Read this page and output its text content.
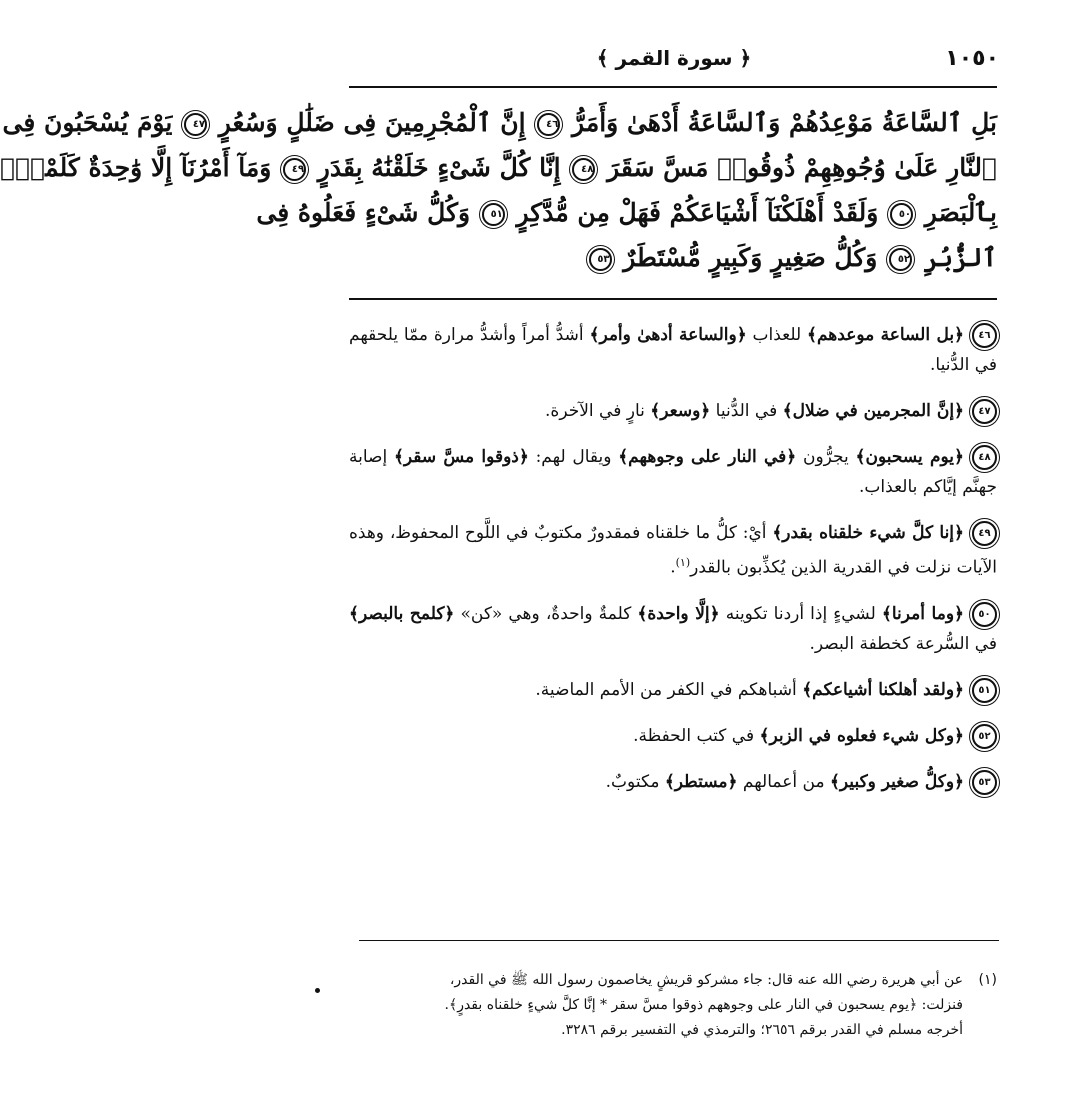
١٠٥٠
﴿ سورة القمر ﴾
بَلِ ٱلسَّاعَةُ مَوْعِدُهُمْ وَٱلسَّاعَةُ أَدْهَىٰ وَأَمَرُّ ٤٦ إِنَّ ٱلْمُجْرِمِينَ فِى ضَلَٰلٍ وَسُعُرٍ ٤٧ يَوْمَ يُسْحَبُونَ فِى
ٱلنَّارِ عَلَىٰ وُجُوهِهِمْ ذُوقُوا۟ مَسَّ سَقَرَ ٤٨ إِنَّا كُلَّ شَىْءٍ خَلَقْنَٰهُ بِقَدَرٍ ٤٩ وَمَآ أَمْرُنَآ إِلَّا وَٰحِدَةٌ كَلَمْحٍۭ
بِٱلْبَصَرِ ٥٠ وَلَقَدْ أَهْلَكْنَآ أَشْيَاعَكُمْ فَهَلْ مِن مُّدَّكِرٍ ٥١ وَكُلُّ شَىْءٍ فَعَلُوهُ فِى
ٱلزُّبُرِ ٥٢ وَكُلُّ صَغِيرٍ وَكَبِيرٍ مُّسْتَطَرٌ ٥٣
٤٦﴿بل الساعة موعدهم﴾ للعذاب ﴿والساعة أدهىٰ وأمر﴾ أشدُّ أمراً وأشدُّ مرارة ممّا يلحقهم في الدُّنيا.
٤٧﴿إنَّ المجرمين في ضلال﴾ في الدُّنيا ﴿وسعر﴾ نارٍ في الآخرة.
٤٨﴿يوم يسحبون﴾ يجرُّون ﴿في النار على وجوههم﴾ ويقال لهم: ﴿ذوقوا مسَّ سقر﴾ إصابة جهنَّم إيَّاكم بالعذاب.
٤٩﴿إنا كلَّ شيء خلقناه بقدر﴾ أيْ: كلُّ ما خلقناه فمقدورٌ مكتوبٌ في اللَّوح المحفوظ، وهذه الآيات نزلت في القدرية الذين يُكذِّبون بالقدر$^{(١)}$.
٥٠﴿وما أمرنا﴾ لشيءٍ إذا أردنا تكوينه ﴿إلَّا واحدة﴾ كلمةٌ واحدةٌ، وهي «كن» ﴿كلمح بالبصر﴾ في السُّرعة كخطفة البصر.
٥١﴿ولقد أهلكنا أشياعكم﴾ أشباهكم في الكفر من الأمم الماضية.
٥٢﴿وكل شيء فعلوه في الزبر﴾ في كتب الحفظة.
٥٣﴿وكلُّ صغير وكبير﴾ من أعمالهم ﴿مستطر﴾ مكتوبٌ.
(١)عن أبي هريرة رضي الله عنه قال: جاء مشركو قريشٍ يخاصمون رسول الله ﷺ في القدر،
فنزلت: ﴿يوم يسحبون في النار على وجوههم ذوقوا مسَّ سقر * إنَّا كلَّ شيءٍ خلقناه بقدرٍ﴾.
أخرجه مسلم في القدر برقم ٢٦٥٦؛ والترمذي في التفسير برقم ٣٢٨٦.
